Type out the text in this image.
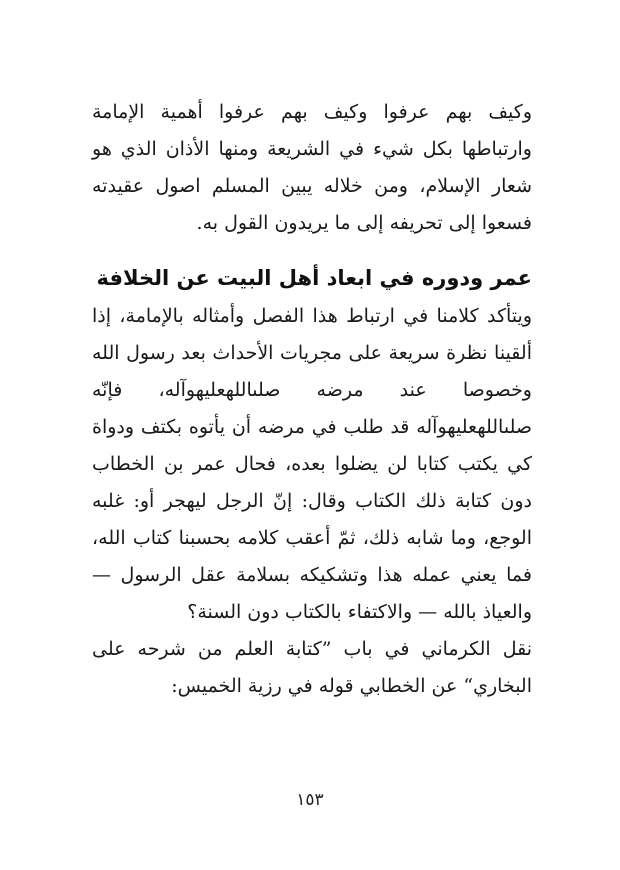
وكيف بهم عرفوا وكيف بهم عرفوا أهمية الإمامة وارتباطها بكل شيء في الشريعة ومنها الأذان الذي هو شعار الإسلام، ومن خلاله يبين المسلم اصول عقيدته فسعوا إلى تحريفه إلى ما يريدون القول به.

عمر ودوره في ابعاد أهل البيت عن الخلافة

ويتأكد كلامنا في ارتباط هذا الفصل وأمثاله بالإمامة، إذا ألقينا نظرة سريعة على مجريات الأحداث بعد رسول الله وخصوصا عند مرضه صلىاللهعليهوآله، فإنّه صلىاللهعليهوآله قد طلب في مرضه أن يأتوه بكتف ودواة كي يكتب كتابا لن يضلوا بعده، فحال عمر بن الخطاب دون كتابة ذلك الكتاب وقال: إنّ الرجل ليهجر أو: غلبه الوجع، وما شابه ذلك، ثمّ أعقب كلامه بحسبنا كتاب الله، فما يعني عمله هذا وتشكيكه بسلامة عقل الرسول — والعياذ بالله — والاكتفاء بالكتاب دون السنة؟

نقل الكرماني في باب ”كتابة العلم من شرحه على البخاري“ عن الخطابي قوله في رزية الخميس:

١٥٣
